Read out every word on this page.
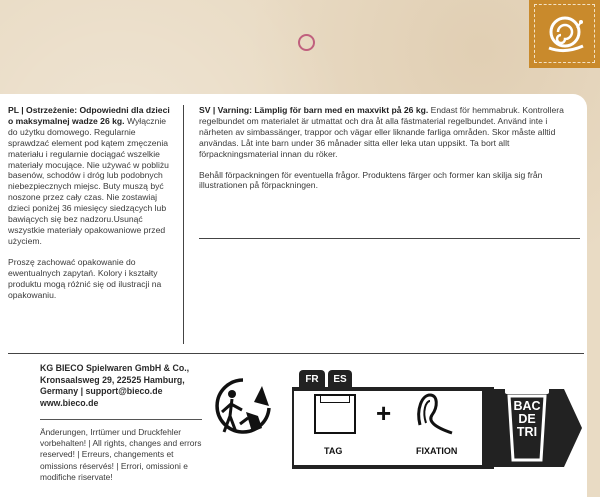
PL | Ostrzeżenie: Odpowiedni dla dzieci o maksymalnej wadze 26 kg. Wyłącznie do użytku domowego. Regularnie sprawdzać element pod kątem zmęczenia materiału i regularnie dociągać wszelkie materiały mocujące. Nie używać w pobliżu basenów, schodów i dróg lub podobnych niebezpiecznych miejsc. Buty muszą być noszone przez cały czas. Nie zostawiaj dzieci poniżej 36 miesięcy siedzących lub bawiących się bez nadzoru.Usunąć wszystkie materiały opakowaniowe przed użyciem.

Proszę zachować opakowanie do ewentualnych zapytań. Kolory i kształty produktu mogą różnić się od ilustracji na opakowaniu.

SV | Varning: Lämplig för barn med en maxvikt på 26 kg. Endast för hemmabruk. Kontrollera regelbundet om materialet är utmattat och dra åt alla fästmaterial regelbundet. Använd inte i närheten av simbassänger, trappor och vägar eller liknande farliga områden. Skor måste alltid användas. Låt inte barn under 36 månader sitta eller leka utan uppsikt. Ta bort allt förpackningsmaterial innan du röker.

Behåll förpackningen för eventuella frågor. Produktens färger och former kan skilja sig från illustrationen på förpackningen.

KG BIECO Spielwaren GmbH & Co.,
Kronsaalsweg 29, 22525 Hamburg,
Germany | support@bieco.de
www.bieco.de
Änderungen, Irrtümer und Druckfehler vorbehalten! | All rights, changes and errors reserved! | Erreurs, changements et omissions réservés! | Errori, omissioni e modifiche riservate!
FR	ES
TAG
+
FIXATION
BAC
DE
TRI
